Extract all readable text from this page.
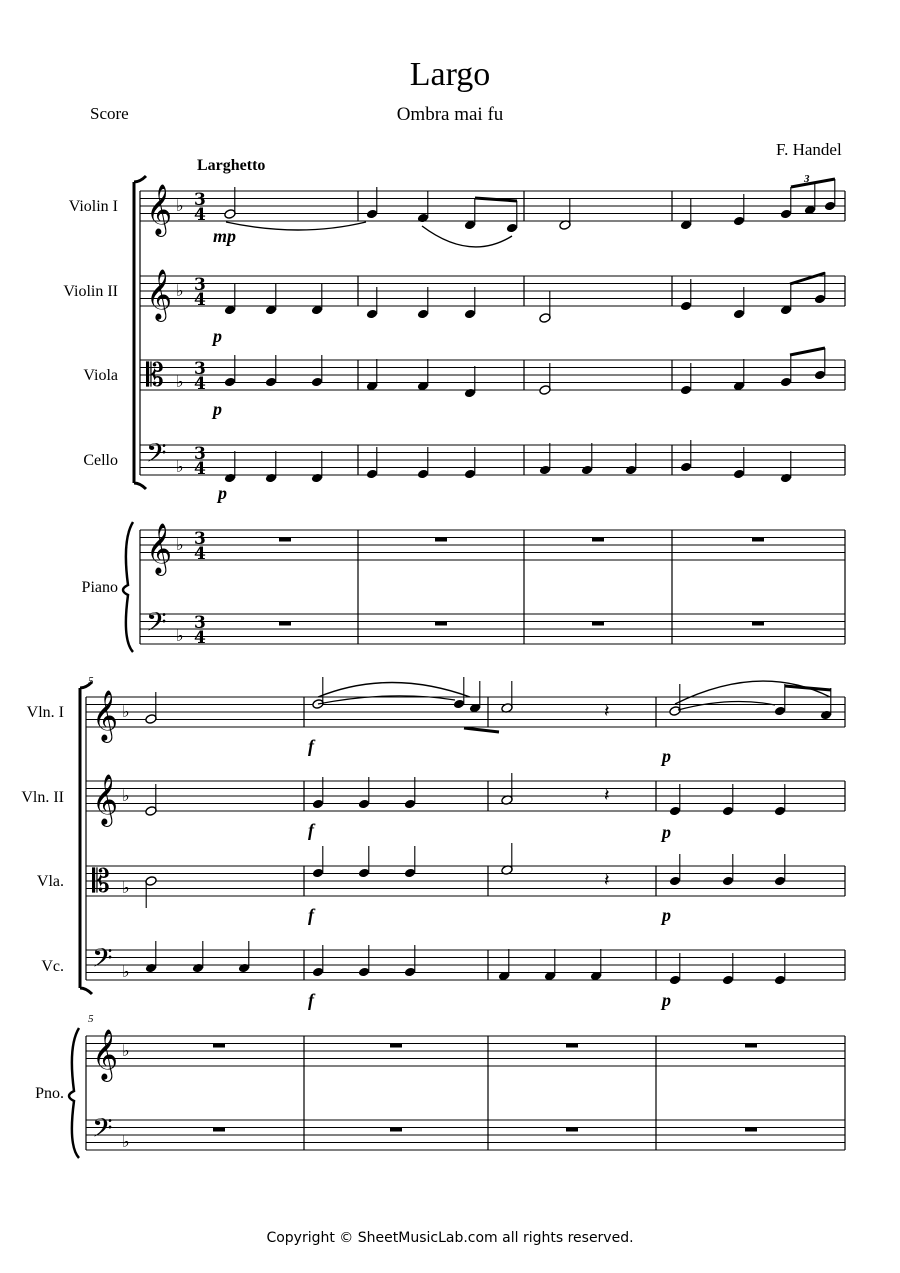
Largo
Ombra mai fu
Score
F. Handel
Larghetto
Violin I
Violin II
Viola
Cello
Piano
Vln. I
Vln. II
Vla.
Vc.
Pno.
𝄞 ♭ 3
4
𝄞 ♭ 3
4
𝄡 ♭
3
4
𝄢 ♭
3
4
𝄞 ♭ 3
4
𝄢 ♭
3
4
𝄞 ♭
𝄞 ♭
𝄡 ♭
𝄢 ♭
𝄞 ♭
𝄢 ♭
𝄽
𝄽
𝄽
5
5
3
mp
p
p
p
f
f
f
f
p
p
p
p
Copyright © SheetMusicLab.com all rights reserved.
